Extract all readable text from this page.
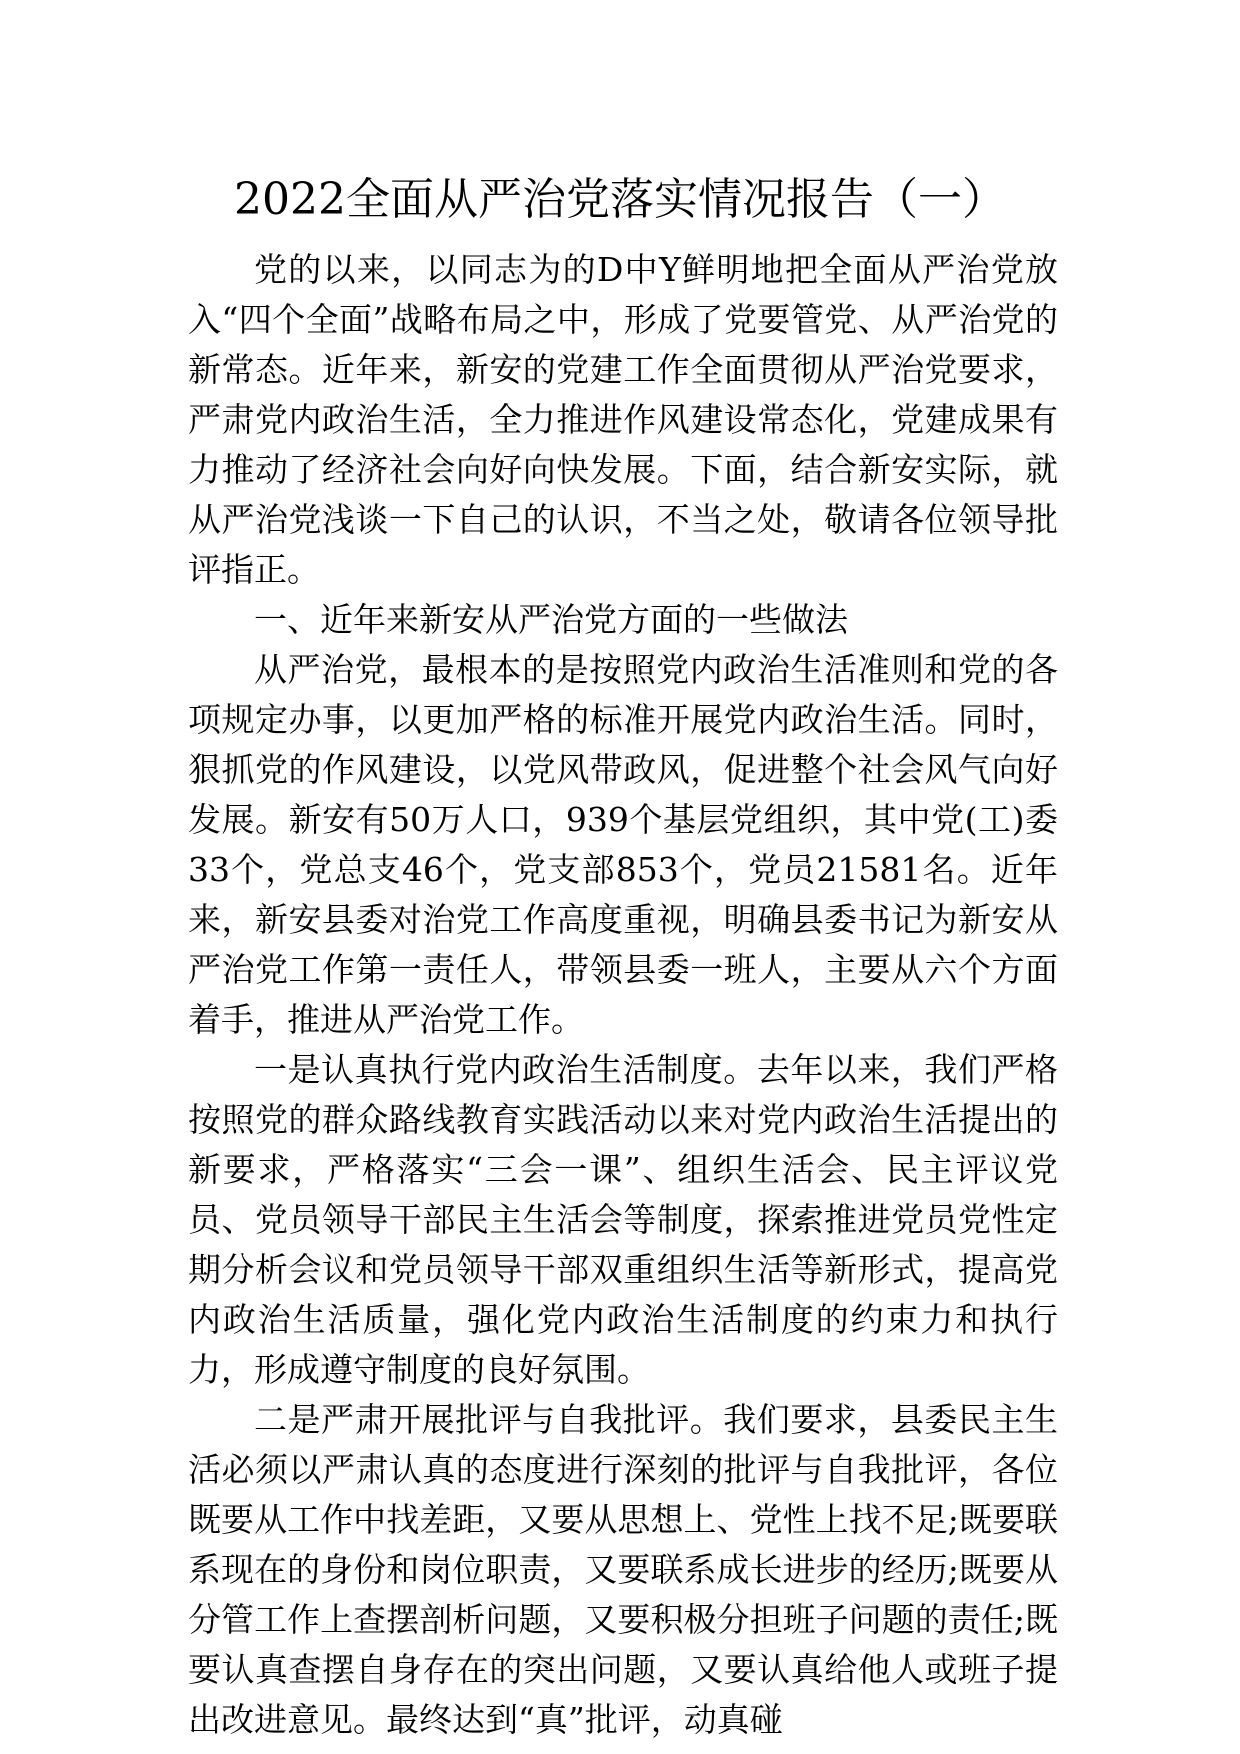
2022全面从严治党落实情况报告（一）

党的以来，以同志为的D中Y鲜明地把全面从严治党放入“四个全面”战略布局之中，形成了党要管党、从严治党的新常态。近年来，新安的党建工作全面贯彻从严治党要求，严肃党内政治生活，全力推进作风建设常态化，党建成果有力推动了经济社会向好向快发展。下面，结合新安实际，就从严治党浅谈一下自己的认识，不当之处，敬请各位领导批评指正。

一、近年来新安从严治党方面的一些做法

从严治党，最根本的是按照党内政治生活准则和党的各项规定办事，以更加严格的标准开展党内政治生活。同时，狠抓党的作风建设，以党风带政风，促进整个社会风气向好发展。新安有50万人口，939个基层党组织，其中党(工)委33个，党总支46个，党支部853个，党员21581名。近年来，新安县委对治党工作高度重视，明确县委书记为新安从严治党工作第一责任人，带领县委一班人，主要从六个方面着手，推进从严治党工作。

一是认真执行党内政治生活制度。去年以来，我们严格按照党的群众路线教育实践活动以来对党内政治生活提出的新要求，严格落实“三会一课”、组织生活会、民主评议党员、党员领导干部民主生活会等制度，探索推进党员党性定期分析会议和党员领导干部双重组织生活等新形式，提高党内政治生活质量，强化党内政治生活制度的约束力和执行力，形成遵守制度的良好氛围。

二是严肃开展批评与自我批评。我们要求，县委民主生活必须以严肃认真的态度进行深刻的批评与自我批评，各位既要从工作中找差距，又要从思想上、党性上找不足;既要联系现在的身份和岗位职责，又要联系成长进步的经历;既要从分管工作上查摆剖析问题，又要积极分担班子问题的责任;既要认真查摆自身存在的突出问题，又要认真给他人或班子提出改进意见。最终达到“真”批评，动真碰
